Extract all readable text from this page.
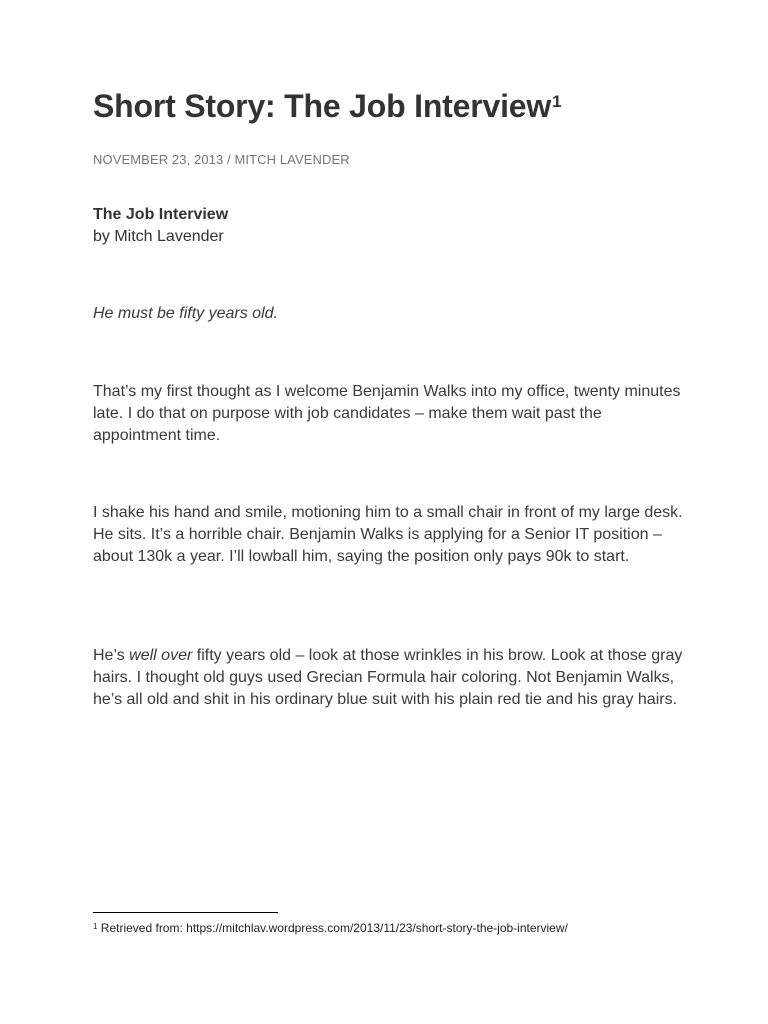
Short Story: The Job Interview$^1$
NOVEMBER 23, 2013 / MITCH LAVENDER
The Job Interview
by Mitch Lavender

He must be fifty years old.

That’s my first thought as I welcome Benjamin Walks into my office, twenty minutes late. I do that on purpose with job candidates – make them wait past the appointment time.

I shake his hand and smile, motioning him to a small chair in front of my large desk. He sits. It’s a horrible chair. Benjamin Walks is applying for a Senior IT position – about 130k a year. I’ll lowball him, saying the position only pays 90k to start.

He’s well over fifty years old – look at those wrinkles in his brow. Look at those gray hairs. I thought old guys used Grecian Formula hair coloring. Not Benjamin Walks, he’s all old and shit in his ordinary blue suit with his plain red tie and his gray hairs.

$^1$ Retrieved from: https://mitchlav.wordpress.com/2013/11/23/short-story-the-job-interview/
